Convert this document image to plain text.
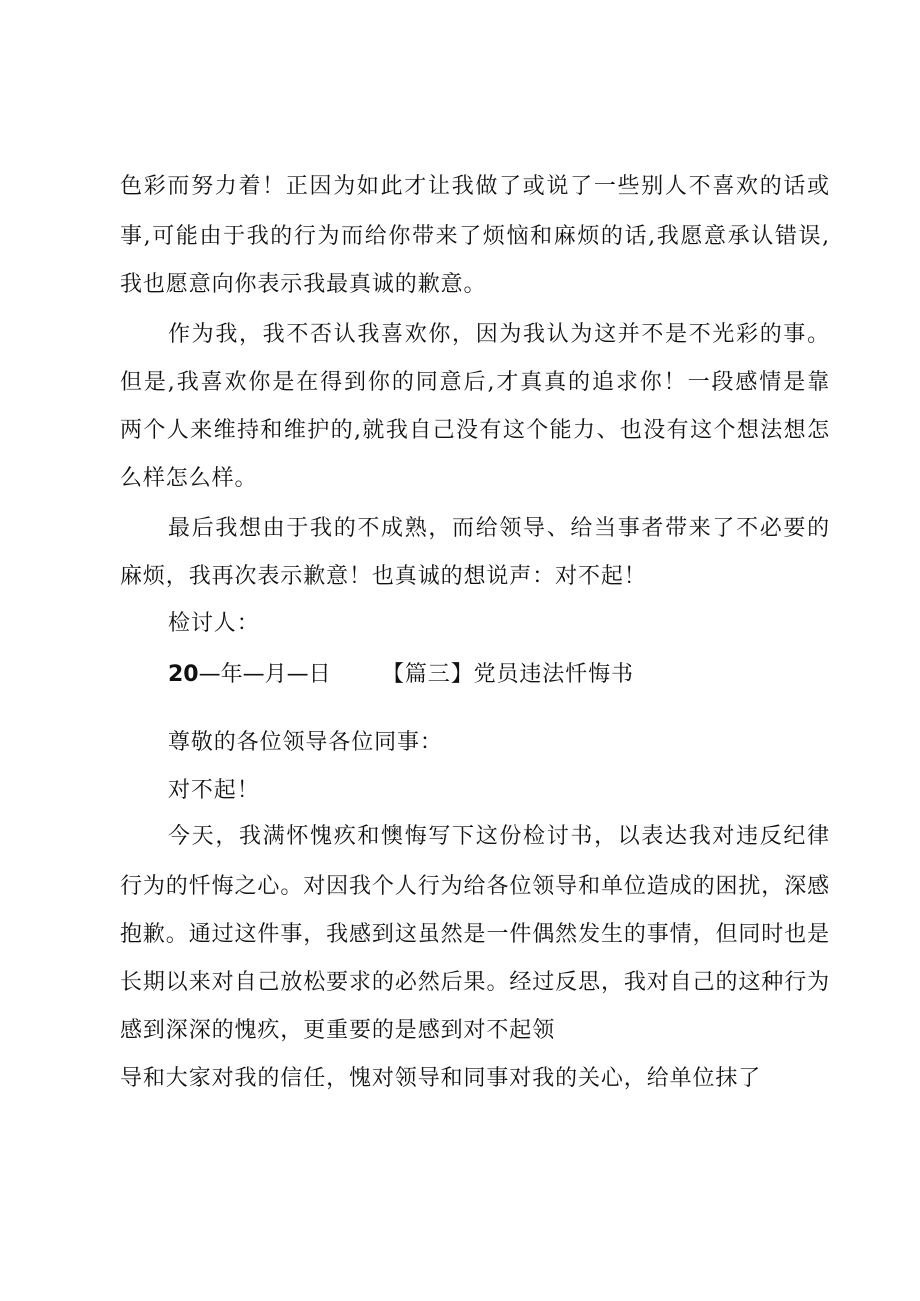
色彩而努力着！正因为如此才让我做了或说了一些别人不喜欢的话或
事,可能由于我的行为而给你带来了烦恼和麻烦的话,我愿意承认错误,
我也愿意向你表示我最真诚的歉意。
作为我，我不否认我喜欢你，因为我认为这并不是不光彩的事。
但是,我喜欢你是在得到你的同意后,才真真的追求你！一段感情是靠
两个人来维持和维护的,就我自己没有这个能力、也没有这个想法想怎
么样怎么样。
最后我想由于我的不成熟，而给领导、给当事者带来了不必要的
麻烦，我再次表示歉意！也真诚的想说声：对不起！
检讨人：
20—年—月—日 【篇三】党员违法忏悔书
尊敬的各位领导各位同事：
对不起！
今天，我满怀愧疚和懊悔写下这份检讨书，以表达我对违反纪律
行为的忏悔之心。对因我个人行为给各位领导和单位造成的困扰，深感
抱歉。通过这件事，我感到这虽然是一件偶然发生的事情，但同时也是
长期以来对自己放松要求的必然后果。经过反思，我对自己的这种行为
感到深深的愧疚，更重要的是感到对不起领
导和大家对我的信任，愧对领导和同事对我的关心，给单位抹了
